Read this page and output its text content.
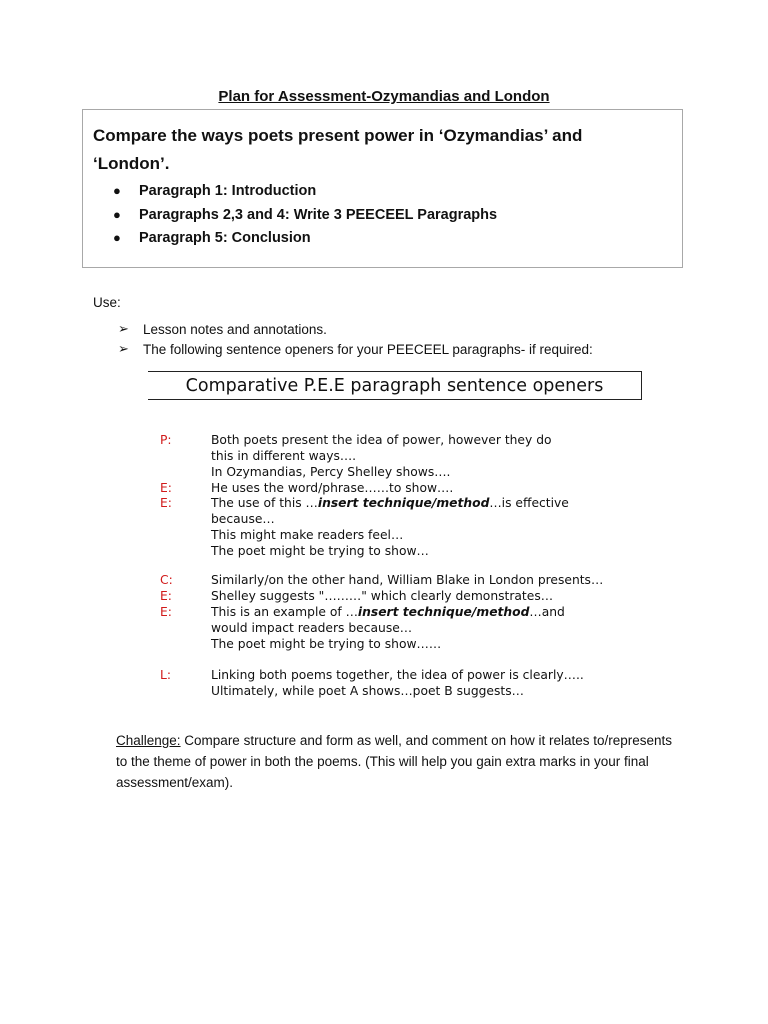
Plan for Assessment-Ozymandias and London
Compare the ways poets present power in ‘Ozymandias’ and ‘London’.
● Paragraph 1: Introduction
● Paragraphs 2,3 and 4: Write 3 PEECEEL Paragraphs
● Paragraph 5: Conclusion
Use:
➢ Lesson notes and annotations.
➢ The following sentence openers for your PEECEEL paragraphs- if required:
Comparative P.E.E paragraph sentence openers
P:	Both poets present the idea of power, however they do
this in different ways….
In Ozymandias, Percy Shelley shows….
E:	He uses the word/phrase……to show….
E:	The use of this …insert technique/method…is effective
because…
This might make readers feel…
The poet might be trying to show…
C:	Similarly/on the other hand, William Blake in London presents…
E:	Shelley suggests "………" which clearly demonstrates…
E:	This is an example of …insert technique/method…and
would impact readers because…
The poet might be trying to show……
L:	Linking both poems together, the idea of power is clearly…..
Ultimately, while poet A shows…poet B suggests…
Challenge: Compare structure and form as well, and comment on how it relates to/represents to the theme of power in both the poems. (This will help you gain extra marks in your final assessment/exam).
